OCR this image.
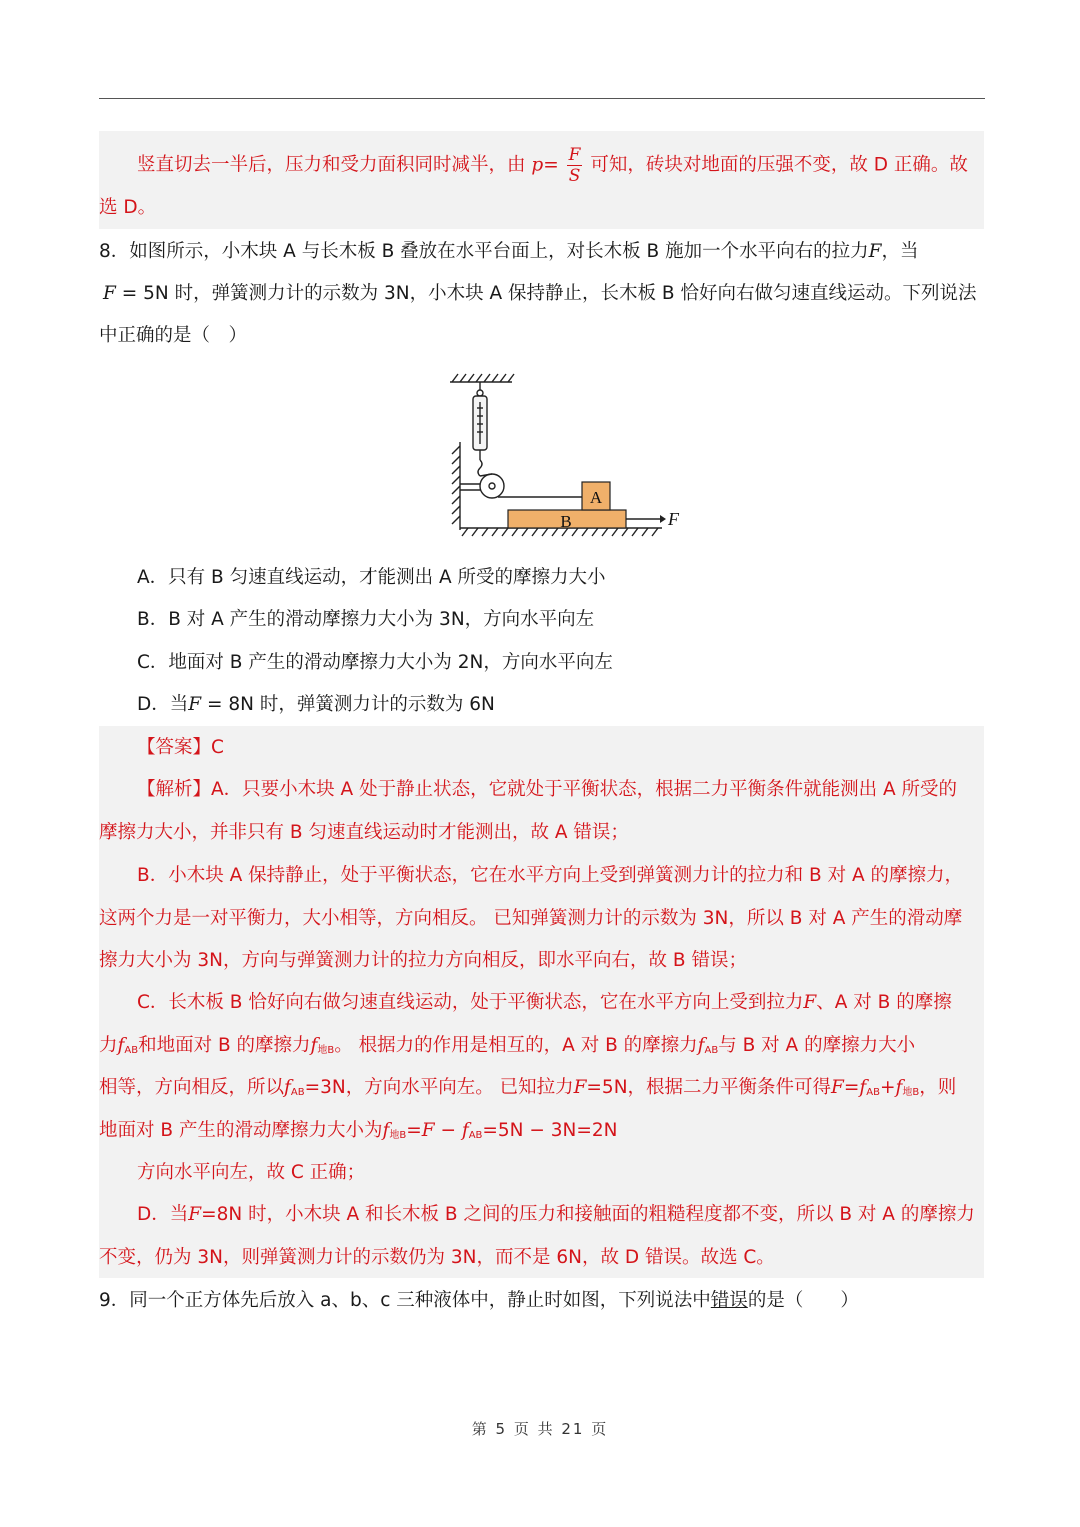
竖直切去一半后，压力和受力面积同时减半，由 $p= \frac{F}{S}$ 可知，砖块对地面的压强不变，故 D 正确。故
选 D。
8．如图所示，小木块 A 与长木板 B 叠放在水平台面上，对长木板 B 施加一个水平向右的拉力F，当
F = 5N 时，弹簧测力计的示数为 3N，小木块 A 保持静止，长木板 B 恰好向右做匀速直线运动。下列说法
中正确的是（　）
A
B	F
A．只有 B 匀速直线运动，才能测出 A 所受的摩擦力大小
B．B 对 A 产生的滑动摩擦力大小为 3N，方向水平向左
C．地面对 B 产生的滑动摩擦力大小为 2N，方向水平向左
D．当F = 8N 时，弹簧测力计的示数为 6N
【答案】C
【解析】A．只要小木块 A 处于静止状态，它就处于平衡状态，根据二力平衡条件就能测出 A 所受的
摩擦力大小，并非只有 B 匀速直线运动时才能测出，故 A 错误；
B．小木块 A 保持静止，处于平衡状态，它在水平方向上受到弹簧测力计的拉力和 B 对 A 的摩擦力，
这两个力是一对平衡力，大小相等，方向相反。 已知弹簧测力计的示数为 3N，所以 B 对 A 产生的滑动摩
擦力大小为 3N，方向与弹簧测力计的拉力方向相反，即水平向右，故 B 错误；
C．长木板 B 恰好向右做匀速直线运动，处于平衡状态，它在水平方向上受到拉力F、A 对 B 的摩擦
力$f_{AB}$和地面对 B 的摩擦力$f_{地B}$。 根据力的作用是相互的，A 对 B 的摩擦力$f_{AB}$与 B 对 A 的摩擦力大小
相等，方向相反，所以$f_{AB}=3N$，方向水平向左。 已知拉力F=5N，根据二力平衡条件可得$F=f_{AB}+f_{地B}$，则
地面对 B 产生的滑动摩擦力大小为$f_{地B}=F - f_{AB}=5N - 3N=2N$
方向水平向左，故 C 正确；
D．当F=8N 时，小木块 A 和长木板 B 之间的压力和接触面的粗糙程度都不变，所以 B 对 A 的摩擦力
不变，仍为 3N，则弹簧测力计的示数仍为 3N，而不是 6N，故 D 错误。故选 C。
9．同一个正方体先后放入 a、b、c 三种液体中，静止时如图，下列说法中错误的是（　　）
第 5 页 共 21 页
